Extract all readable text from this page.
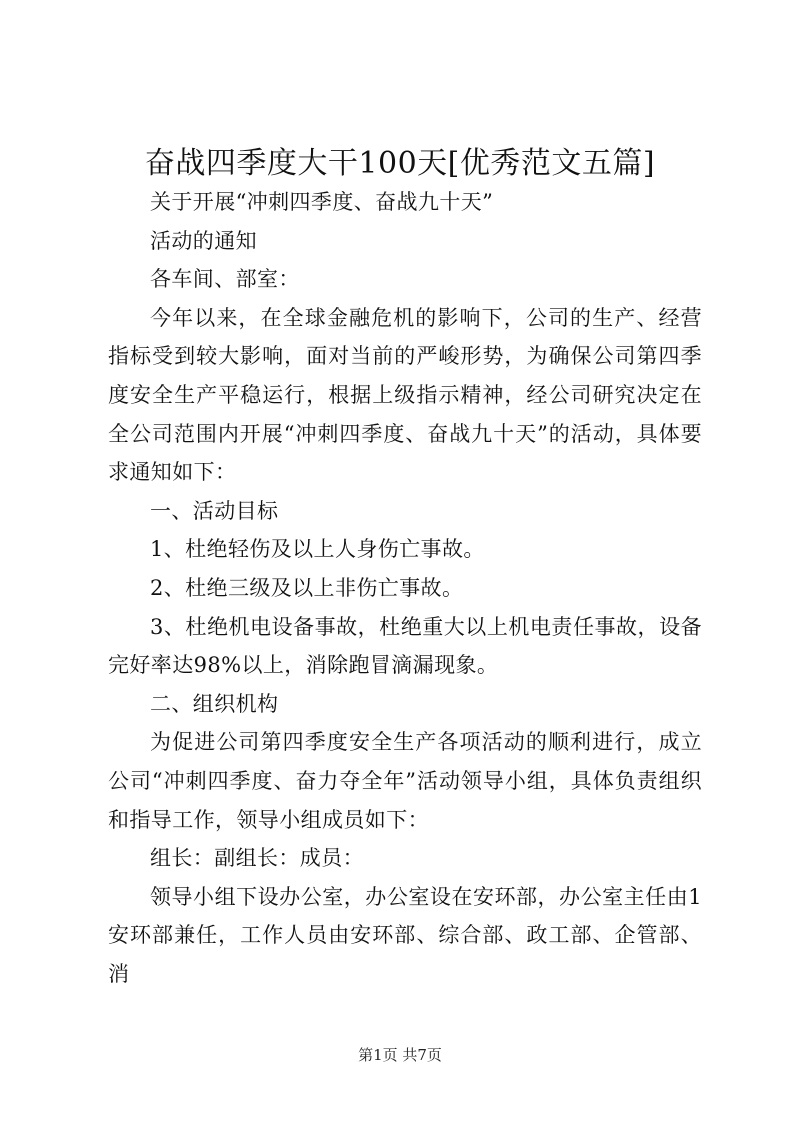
奋战四季度大干100天[优秀范文五篇]

关于开展“冲刺四季度、奋战九十天”

活动的通知

各车间、部室：

今年以来，在全球金融危机的影响下，公司的生产、经营指标受到较大影响，面对当前的严峻形势，为确保公司第四季度安全生产平稳运行，根据上级指示精神，经公司研究决定在全公司范围内开展“冲刺四季度、奋战九十天”的活动，具体要求通知如下：

一、活动目标

1、杜绝轻伤及以上人身伤亡事故。

2、杜绝三级及以上非伤亡事故。

3、杜绝机电设备事故，杜绝重大以上机电责任事故，设备完好率达98%以上，消除跑冒滴漏现象。

二、组织机构

为促进公司第四季度安全生产各项活动的顺利进行，成立公司“冲刺四季度、奋力夺全年”活动领导小组，具体负责组织和指导工作，领导小组成员如下：

组长：副组长：成员：

领导小组下设办公室，办公室设在安环部，办公室主任由1安环部兼任，工作人员由安环部、综合部、政工部、企管部、消

第1页 共7页
